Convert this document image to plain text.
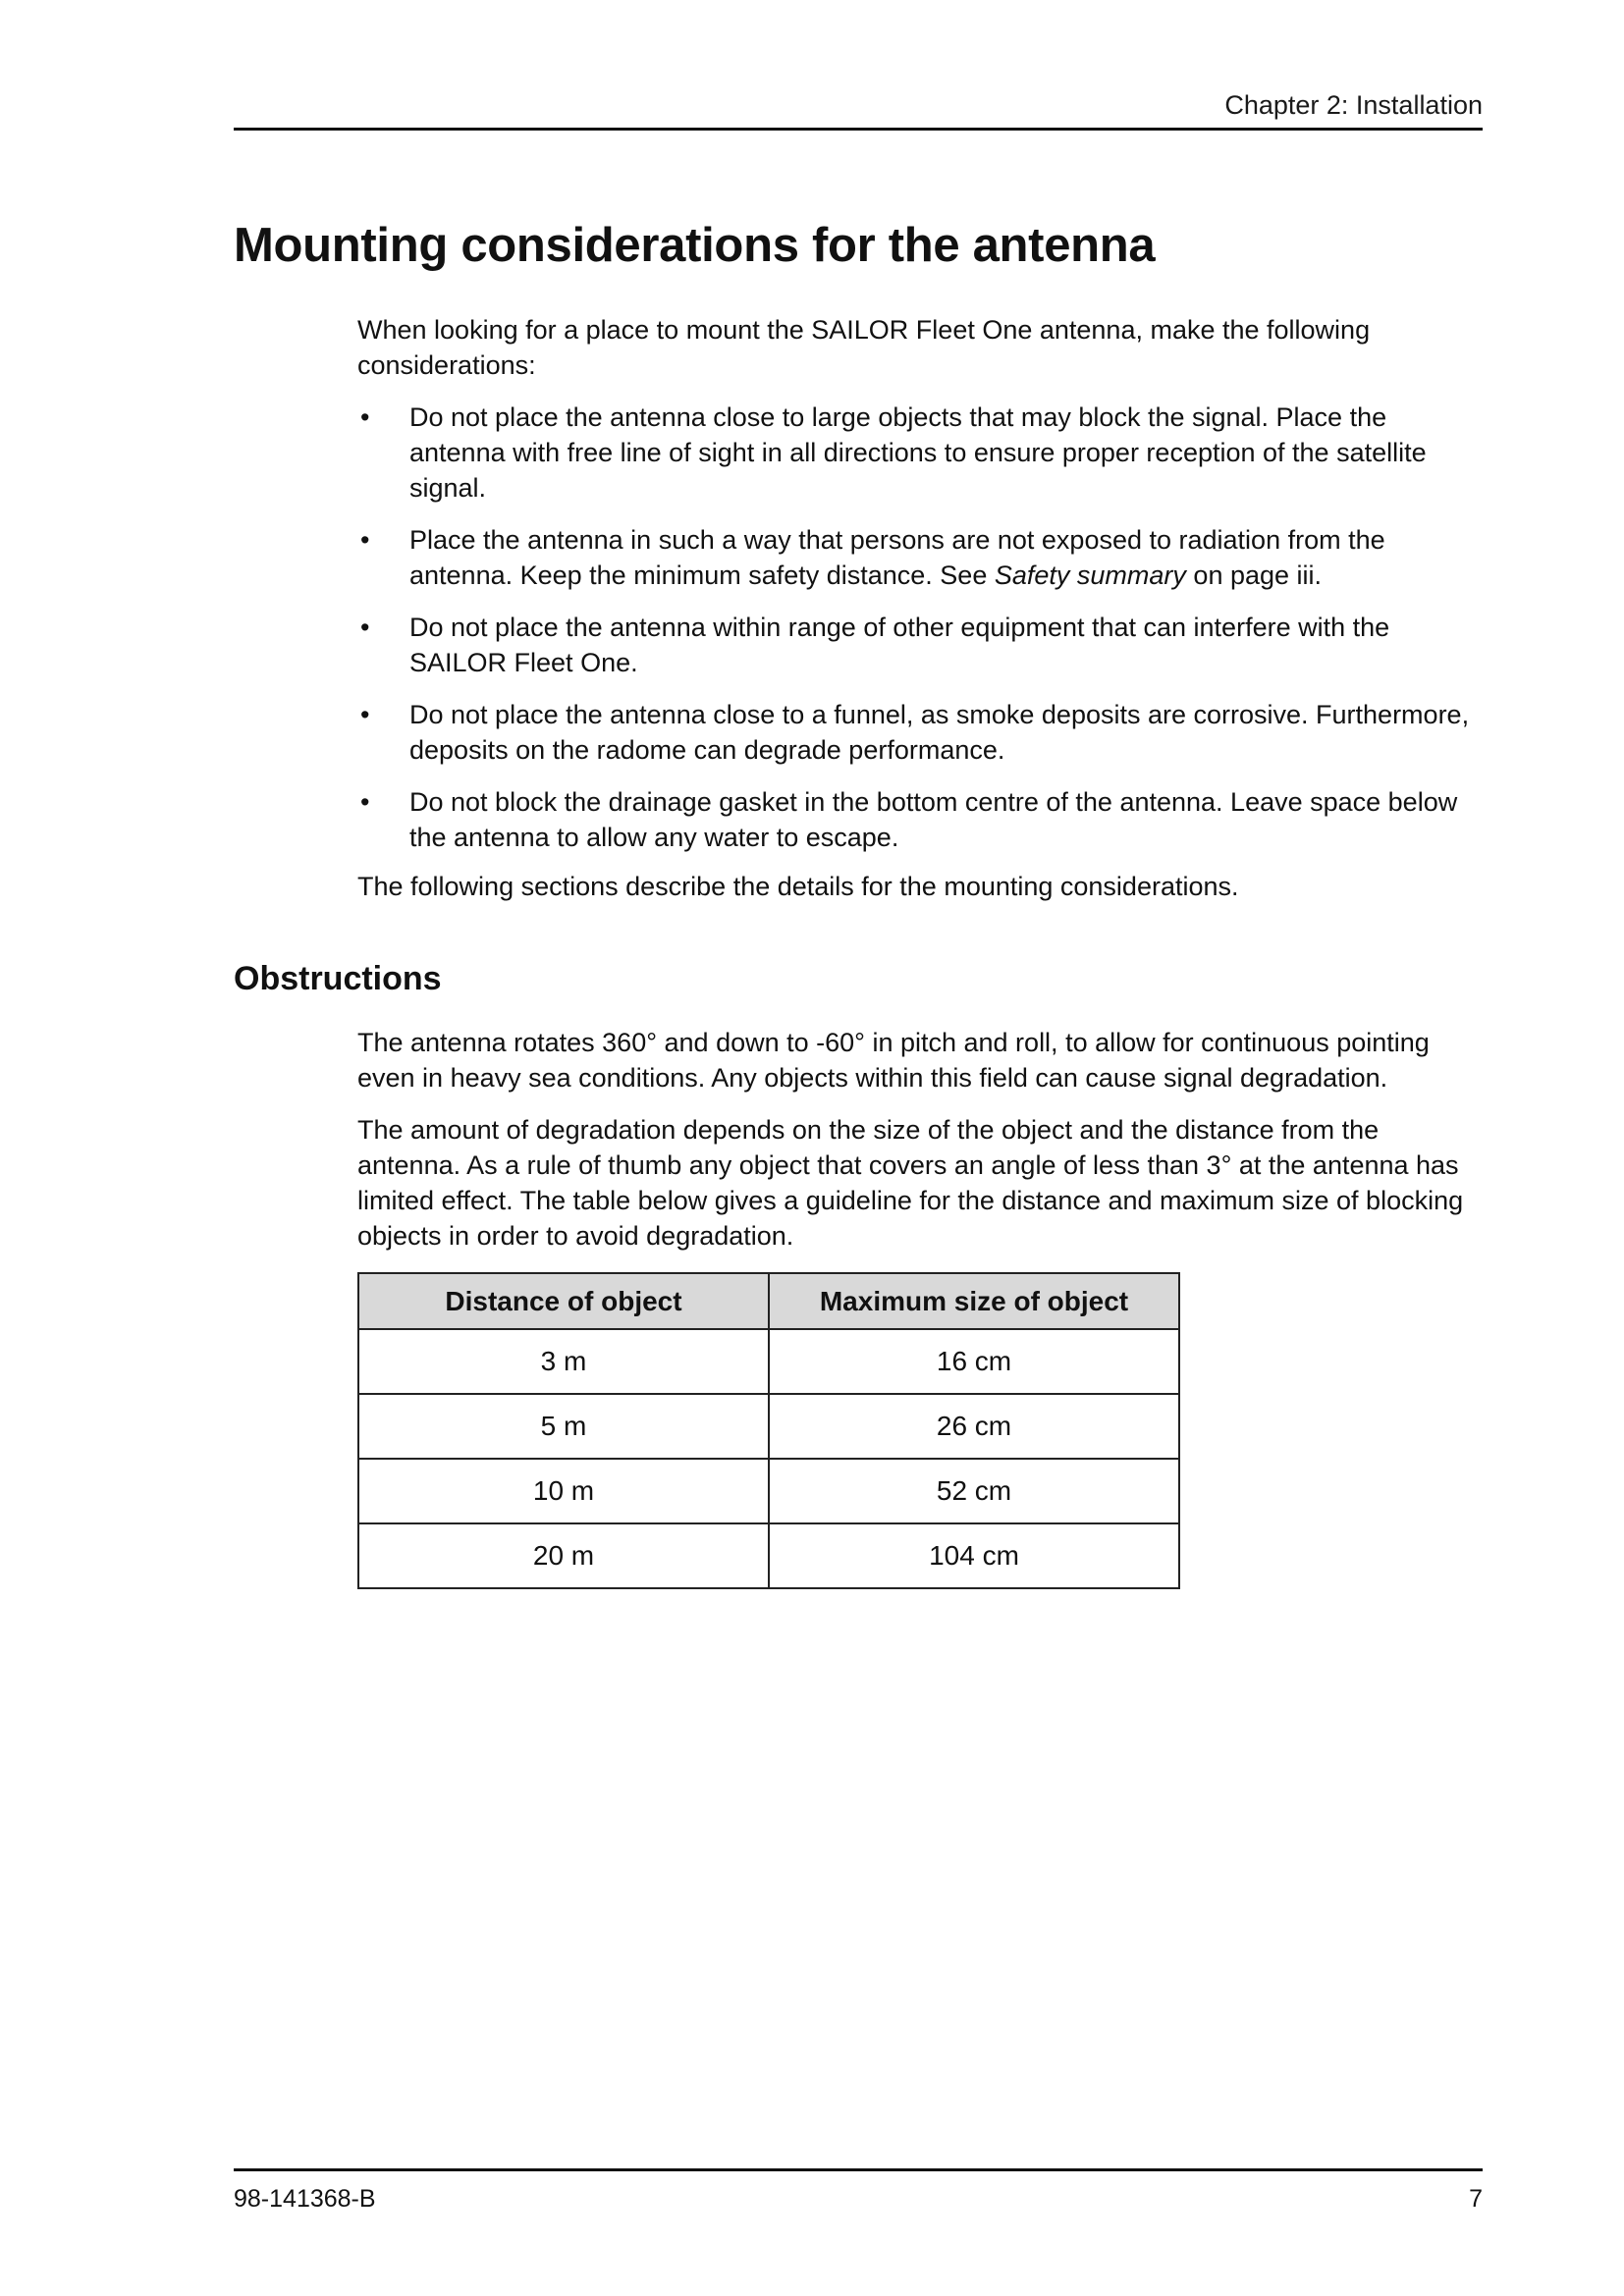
Chapter 2: Installation
Mounting considerations for the antenna

When looking for a place to mount the SAILOR Fleet One antenna, make the following considerations:

• Do not place the antenna close to large objects that may block the signal. Place the antenna with free line of sight in all directions to ensure proper reception of the satellite signal.
• Place the antenna in such a way that persons are not exposed to radiation from the antenna. Keep the minimum safety distance. See Safety summary on page iii.
• Do not place the antenna within range of other equipment that can interfere with the SAILOR Fleet One.
• Do not place the antenna close to a funnel, as smoke deposits are corrosive. Furthermore, deposits on the radome can degrade performance.
• Do not block the drainage gasket in the bottom centre of the antenna. Leave space below the antenna to allow any water to escape.

The following sections describe the details for the mounting considerations.

Obstructions

The antenna rotates 360° and down to -60° in pitch and roll, to allow for continuous pointing even in heavy sea conditions. Any objects within this field can cause signal degradation.

The amount of degradation depends on the size of the object and the distance from the antenna. As a rule of thumb any object that covers an angle of less than 3° at the antenna has limited effect. The table below gives a guideline for the distance and maximum size of blocking objects in order to avoid degradation.

Distance of object	Maximum size of object
3 m	16 cm
5 m	26 cm
10 m	52 cm
20 m	104 cm
98-141368-B	7
